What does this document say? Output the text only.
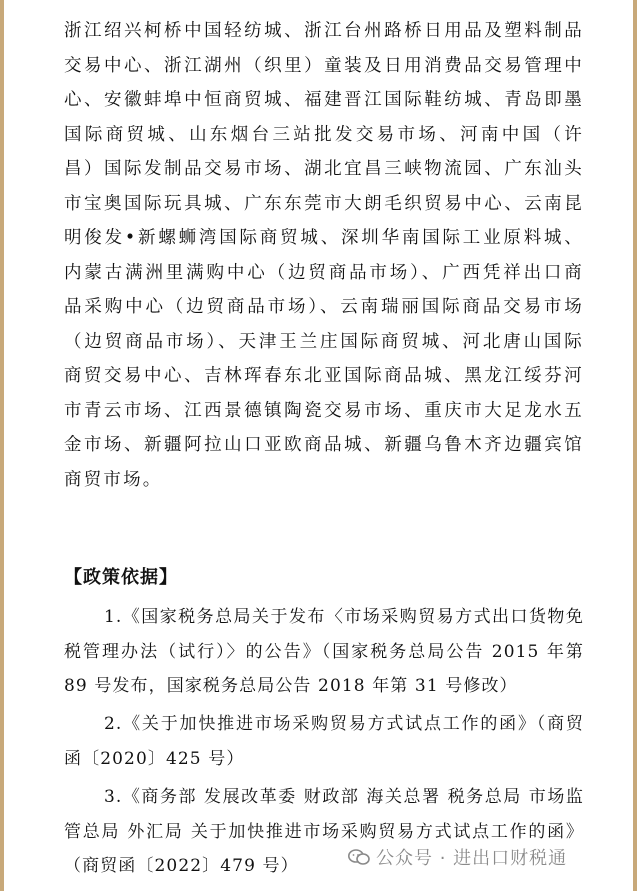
浙江绍兴柯桥中国轻纺城、浙江台州路桥日用品及塑料制品交易中心、浙江湖州（织里）童装及日用消费品交易管理中心、安徽蚌埠中恒商贸城、福建晋江国际鞋纺城、青岛即墨国际商贸城、山东烟台三站批发交易市场、河南中国（许昌）国际发制品交易市场、湖北宜昌三峡物流园、广东汕头市宝奥国际玩具城、广东东莞市大朗毛织贸易中心、云南昆明俊发•新螺蛳湾国际商贸城、深圳华南国际工业原料城、内蒙古满洲里满购中心（边贸商品市场）、广西凭祥出口商品采购中心（边贸商品市场）、云南瑞丽国际商品交易市场（边贸商品市场）、天津王兰庄国际商贸城、河北唐山国际商贸交易中心、吉林珲春东北亚国际商品城、黑龙江绥芬河市青云市场、江西景德镇陶瓷交易市场、重庆市大足龙水五金市场、新疆阿拉山口亚欧商品城、新疆乌鲁木齐边疆宾馆商贸市场。

【政策依据】

1.《国家税务总局关于发布〈市场采购贸易方式出口货物免税管理办法（试行）〉的公告》（国家税务总局公告 2015 年第 89 号发布，国家税务总局公告 2018 年第 31 号修改）

2.《关于加快推进市场采购贸易方式试点工作的函》（商贸函〔2020〕425 号）

3.《商务部 发展改革委 财政部 海关总署 税务总局 市场监管总局 外汇局 关于加快推进市场采购贸易方式试点工作的函》（商贸函〔2022〕479 号）	公众号 · 进出口财税通
